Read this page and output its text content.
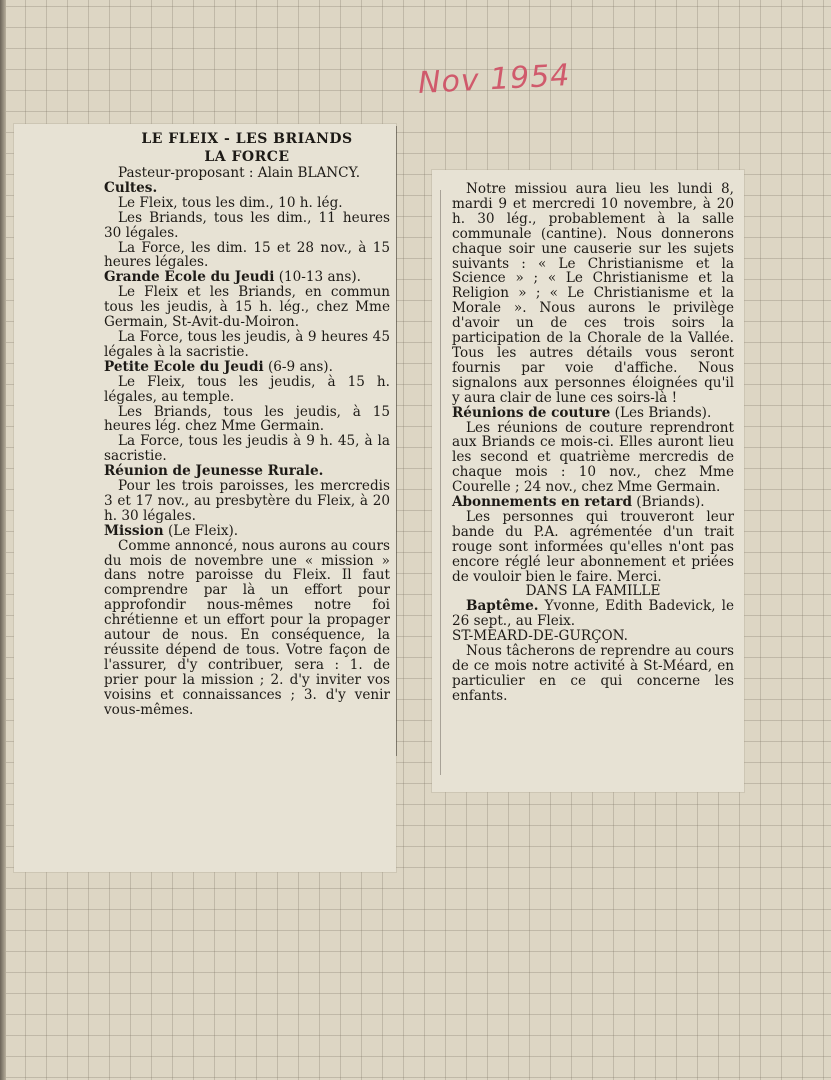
Nov 1954

LE FLEIX - LES BRIANDS

LA FORCE

Pasteur-proposant : Alain BLANCY.

Cultes.

Le Fleix, tous les dim., 10 h. lég.

Les Briands, tous les dim., 11 heures 30 légales.

La Force, les dim. 15 et 28 nov., à 15 heures légales.

Grande Ecole du Jeudi (10-13 ans).

Le Fleix et les Briands, en commun tous les jeudis, à 15 h. lég., chez Mme Germain, St-Avit-du-Moiron.

La Force, tous les jeudis, à 9 heures 45 légales à la sacristie.

Petite Ecole du Jeudi (6-9 ans).

Le Fleix, tous les jeudis, à 15 h. légales, au temple.

Les Briands, tous les jeudis, à 15 heures lég. chez Mme Germain.

La Force, tous les jeudis à 9 h. 45, à la sacristie.

Réunion de Jeunesse Rurale.

Pour les trois paroisses, les mercredis 3 et 17 nov., au presbytère du Fleix, à 20 h. 30 légales.

Mission (Le Fleix).

Comme annoncé, nous aurons au cours du mois de novembre une « mission » dans notre paroisse du Fleix. Il faut comprendre par là un effort pour approfondir nous-mêmes notre foi chrétienne et un effort pour la propager autour de nous. En conséquence, la réussite dépend de tous. Votre façon de l'assurer, d'y contribuer, sera : 1. de prier pour la mission ; 2. d'y inviter vos voisins et connaissances ; 3. d'y venir vous-mêmes.

Notre missiou aura lieu les lundi 8, mardi 9 et mercredi 10 novembre, à 20 h. 30 lég., probablement à la salle communale (cantine). Nous donnerons chaque soir une causerie sur les sujets suivants : « Le Christianisme et la Science » ; « Le Christianisme et la Religion » ; « Le Christianisme et la Morale ». Nous aurons le privilège d'avoir un de ces trois soirs la participation de la Chorale de la Vallée. Tous les autres détails vous seront fournis par voie d'affiche. Nous signalons aux personnes éloignées qu'il y aura clair de lune ces soirs-là !

Réunions de couture (Les Briands).

Les réunions de couture reprendront aux Briands ce mois-ci. Elles auront lieu les second et quatrième mercredis de chaque mois : 10 nov., chez Mme Courelle ; 24 nov., chez Mme Germain.

Abonnements en retard (Briands).

Les personnes qui trouveront leur bande du P.A. agrémentée d'un trait rouge sont informées qu'elles n'ont pas encore réglé leur abonnement et priées de vouloir bien le faire. Merci.

DANS LA FAMILLE

Baptême. Yvonne, Edith Badevick, le 26 sept., au Fleix.

ST-MEARD-DE-GURÇON.

Nous tâcherons de reprendre au cours de ce mois notre activité à St-Méard, en particulier en ce qui concerne les enfants.
